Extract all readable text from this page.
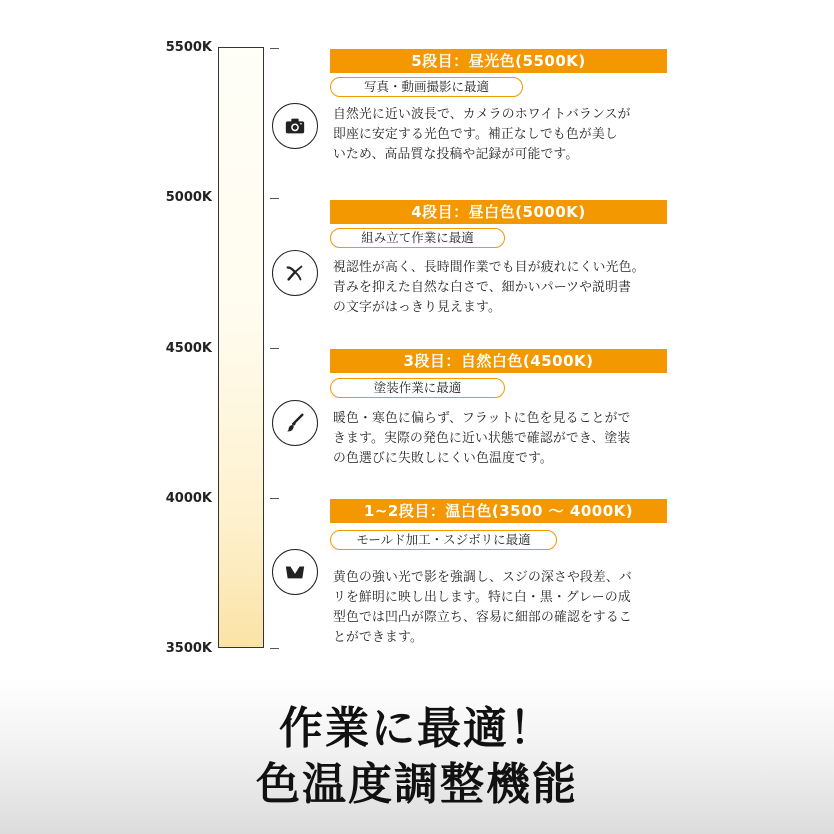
5500K
5000K
4500K
4000K
3500K
5段目：昼光色(5500K)
写真・動画撮影に最適
自然光に近い波長で、カメラのホワイトバランスが
即座に安定する光色です。補正なしでも色が美し
いため、高品質な投稿や記録が可能です。
4段目：昼白色(5000K)
組み立て作業に最適
視認性が高く、長時間作業でも目が疲れにくい光色。
青みを抑えた自然な白さで、細かいパーツや説明書
の文字がはっきり見えます。
3段目：自然白色(4500K)
塗装作業に最適
暖色・寒色に偏らず、フラットに色を見ることがで
きます。実際の発色に近い状態で確認ができ、塗装
の色選びに失敗しにくい色温度です。
1~2段目：温白色(3500 ～ 4000K)
モールド加工・スジボリに最適
黄色の強い光で影を強調し、スジの深さや段差、バ
リを鮮明に映し出します。特に白・黒・グレーの成
型色では凹凸が際立ち、容易に細部の確認をするこ
とができます。
作業に最適！
色温度調整機能
